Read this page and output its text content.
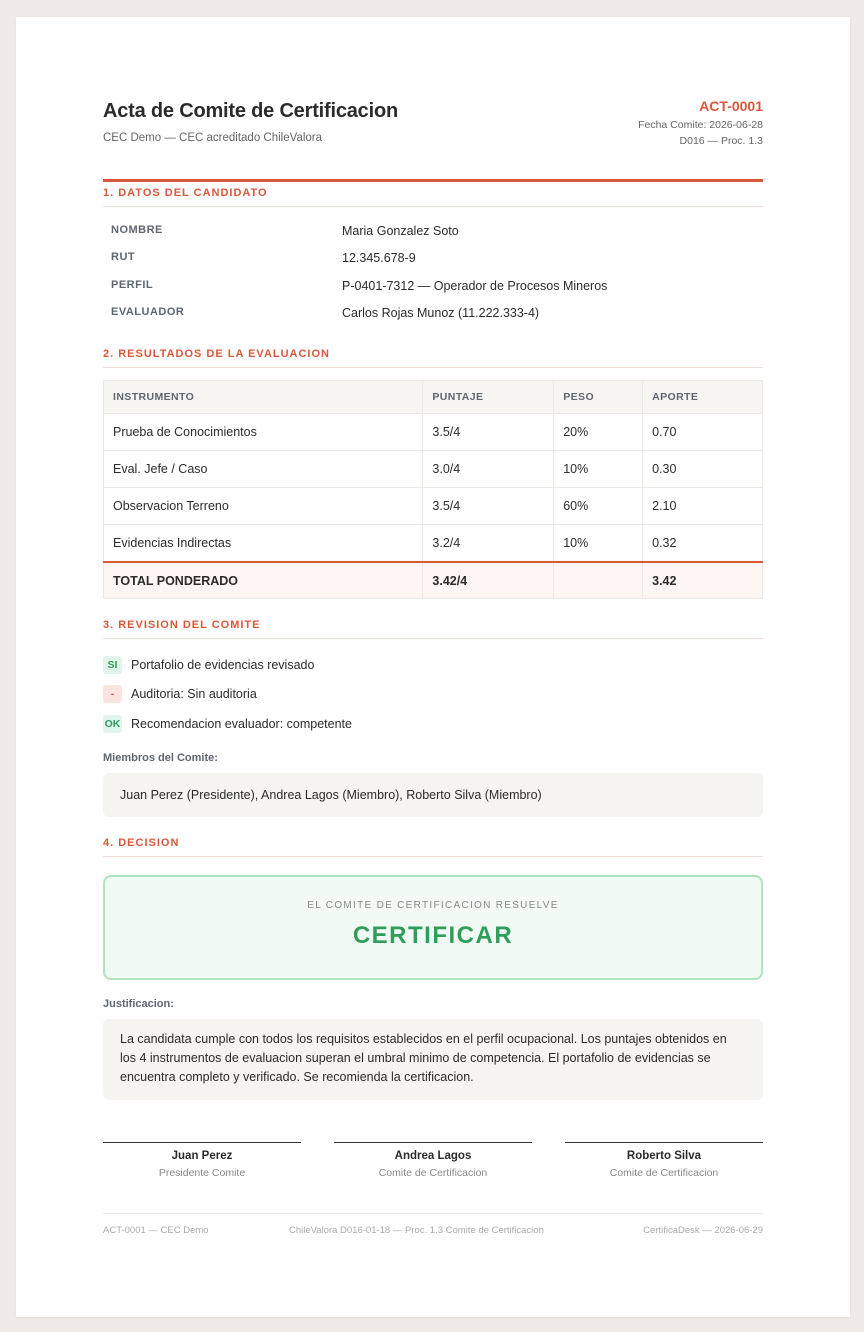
Acta de Comite de Certificacion
CEC Demo — CEC acreditado ChileValora
ACT-0001
Fecha Comite: 2026-06-28
D016 — Proc. 1.3
1. DATOS DEL CANDIDATO
NOMBRE	Maria Gonzalez Soto
RUT	12.345.678-9
PERFIL	P-0401-7312 — Operador de Procesos Mineros
EVALUADOR	Carlos Rojas Munoz (11.222.333-4)
2. RESULTADOS DE LA EVALUACION
INSTRUMENTO	PUNTAJE	PESO	APORTE
Prueba de Conocimientos	3.5/4	20%	0.70
Eval. Jefe / Caso	3.0/4	10%	0.30
Observacion Terreno	3.5/4	60%	2.10
Evidencias Indirectas	3.2/4	10%	0.32
TOTAL PONDERADO	3.42/4		3.42
3. REVISION DEL COMITE
SI	Portafolio de evidencias revisado
-	Auditoria: Sin auditoria
OK Recomendacion evaluador: competente
Miembros del Comite:
Juan Perez (Presidente), Andrea Lagos (Miembro), Roberto Silva (Miembro)
4. DECISION
EL COMITE DE CERTIFICACION RESUELVE
CERTIFICAR
Justificacion:
La candidata cumple con todos los requisitos establecidos en el perfil ocupacional. Los puntajes obtenidos en los 4 instrumentos de evaluacion superan el umbral minimo de competencia. El portafolio de evidencias se encuentra completo y verificado. Se recomienda la certificacion.
Juan Perez
Presidente Comite
Andrea Lagos
Comite de Certificacion
Roberto Silva
Comite de Certificacion
ACT-0001 — CEC Demo	ChileValora D016-01-18 — Proc. 1.3 Comite de Certificacion	CertificaDesk — 2026-06-29
